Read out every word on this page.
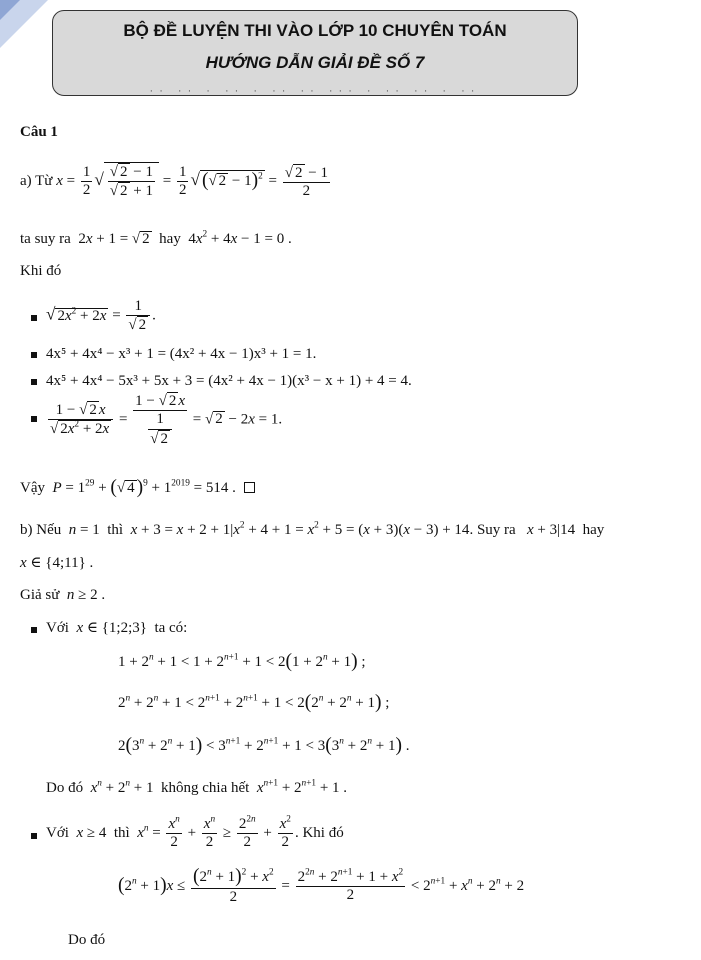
BỘ ĐỀ LUYỆN THI VÀO LỚP 10 CHUYÊN TOÁN
HƯỚNG DẪN GIẢI ĐỀ SỐ 7
·· ·· · ·· · ·· ·· ··· · ·· ·· · ··
Câu 1
a) Từ $x = \frac{1}{2}$ √ $\frac{√ 2 - 1}{√ 2 + 1} = \frac{1}{2}$ √ (√ $2 - 1)^2 = \frac{√ 2 - 1}{2}$
ta suy ra  2x + 1 = √ 2 hay  $4x^2 + 4x - 1 = 0$ .
Khi đó
√ $2x^2 + 2x = \frac{1}{√ 2}$ .
4x⁵ + 4x⁴ − x³ + 1 = (4x² + 4x − 1)x³ + 1 = 1.
4x⁵ + 4x⁴ − 5x³ + 5x + 3 = (4x² + 4x − 1)(x³ − x + 1) + 4 = 4.
$\frac{1 - √ 2 x}{√ 2x^2 + 2x} = \frac{1 - √ 2 x}{\frac{1}{√ 2}}$ = √ 2 − 2x = 1.
Vậy $P = 1^{29}$ + (√ 4 )$^9 + 1^{2019} = 514$ .
b) Nếu n = 1  thì $x + 3 = x + 2 + 1|x^2 + 4 + 1 = x^2 + 5 = (x + 3)(x - 3) + 14$. Suy ra x + 3|14  hay
x ∈ {4;11} .
Giả sử n ≥ 2 .
Với x ∈ {1;2;3}  ta có:
$1 + 2^n + 1 < 1 + 2^{n+1} + 1 < 2(1 + 2^n + 1)$ ;
$2^n + 2^n + 1 < 2^{n+1} + 2^{n+1} + 1 < 2(2^n + 2^n + 1)$ ;
$2(3^n + 2^n + 1) < 3^{n+1} + 2^{n+1} + 1 < 3(3^n + 2^n + 1)$ .
Do đó $x^n + 2^n + 1$  không chia hết $x^{n+1} + 2^{n+1} + 1$ .
Với x ≥ 4  thì $x^n = \frac{x^n}{2} + \frac{x^n}{2} \ge \frac{2^{2n}}{2} + \frac{x^2}{2}$ . Khi đó
$(2^n + 1)x \le \frac{(2^n + 1)^2 + x^2}{2} = \frac{2^{2n} + 2^{n+1} + 1 + x^2}{2} < 2^{n+1} + x^n + 2^n + 2$
Do đó
